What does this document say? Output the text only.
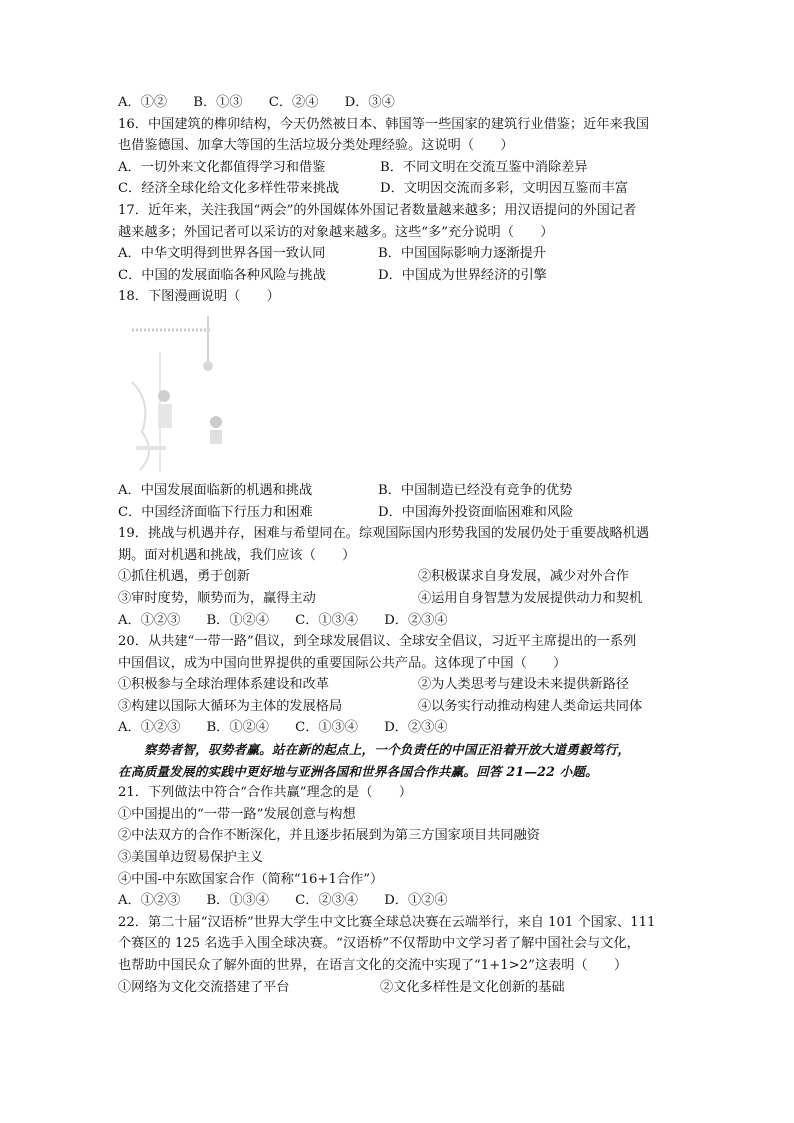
A．①② B．①③ C．②④ D．③④
16．中国建筑的榫卯结构，今天仍然被日本、韩国等一些国家的建筑行业借鉴；近年来我国
也借鉴德国、加拿大等国的生活垃圾分类处理经验。这说明（　　）
A．一切外来文化都值得学习和借鉴	B．不同文明在交流互鉴中消除差异
C．经济全球化给文化多样性带来挑战	D．文明因交流而多彩，文明因互鉴而丰富
17．近年来，关注我国“两会”的外国媒体外国记者数量越来越多；用汉语提问的外国记者
越来越多；外国记者可以采访的对象越来越多。这些“多”充分说明（　　）
A．中华文明得到世界各国一致认同	B．中国国际影响力逐渐提升
C．中国的发展面临各种风险与挑战	D．中国成为世界经济的引擎
18．下图漫画说明（　　）
A．中国发展面临新的机遇和挑战	B．中国制造已经没有竞争的优势
C．中国经济面临下行压力和困难	D．中国海外投资面临困难和风险
19．挑战与机遇并存，困难与希望同在。综观国际国内形势我国的发展仍处于重要战略机遇
期。面对机遇和挑战，我们应该（　　）
①抓住机遇，勇于创新	②积极谋求自身发展，减少对外合作
③审时度势，顺势而为，赢得主动	④运用自身智慧为发展提供动力和契机
A．①②③ B．①②④ C．①③④ D．②③④
20．从共建“一带一路”倡议，到全球发展倡议、全球安全倡议，习近平主席提出的一系列
中国倡议，成为中国向世界提供的重要国际公共产品。这体现了中国（　　）
①积极参与全球治理体系建设和改革	②为人类思考与建设未来提供新路径
③构建以国际大循环为主体的发展格局	④以务实行动推动构建人类命运共同体
A．①②③ B．①②④ C．①③④ D．②③④
察势者智，驭势者赢。站在新的起点上，一个负责任的中国正沿着开放大道勇毅笃行，
在高质量发展的实践中更好地与亚洲各国和世界各国合作共赢。回答 21—22 小题。
21．下列做法中符合“合作共赢”理念的是（　　）
①中国提出的“一带一路”发展创意与构想
②中法双方的合作不断深化，并且逐步拓展到为第三方国家项目共同融资
③美国单边贸易保护主义
④中国-中东欧国家合作（简称“16+1合作”）
A．①②③ B．①③④ C．②③④ D．①②④
22．第二十届“汉语桥”世界大学生中文比赛全球总决赛在云端举行，来自 101 个国家、111
个赛区的 125 名选手入围全球决赛。“汉语桥”不仅帮助中文学习者了解中国社会与文化，
也帮助中国民众了解外面的世界，在语言文化的交流中实现了“1+1>2”这表明（　　）
①网络为文化交流搭建了平台	②文化多样性是文化创新的基础
